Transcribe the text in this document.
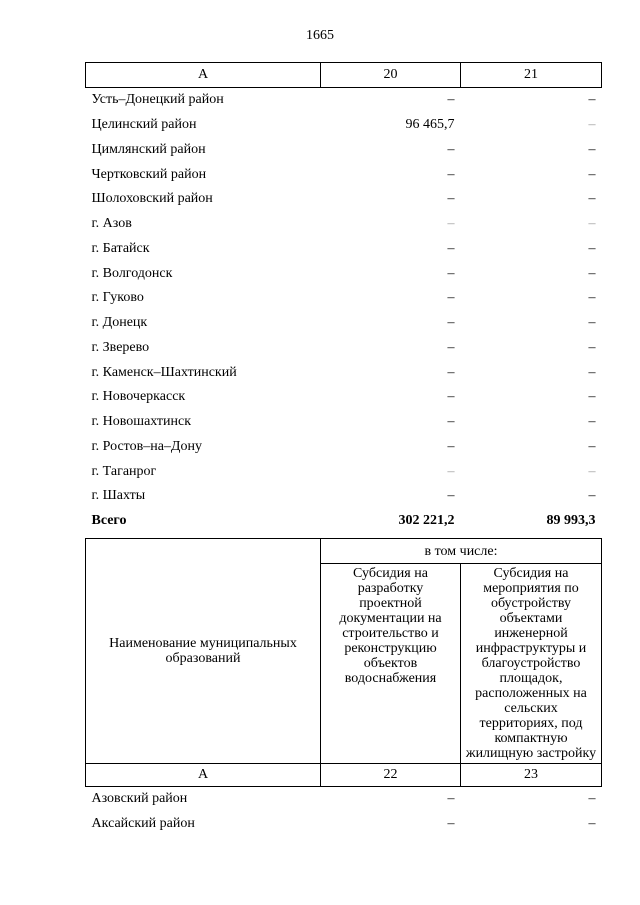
1665
А	20	21
Усть–Донецкий район	–	–
Целинский район	96 465,7	–
Цимлянский район	–	–
Чертковский район	–	–
Шолоховский район	–	–
г. Азов	–	–
г. Батайск	–	–
г. Волгодонск	–	–
г. Гуково	–	–
г. Донецк	–	–
г. Зверево	–	–
г. Каменск–Шахтинский	–	–
г. Новочеркасск	–	–
г. Новошахтинск	–	–
г. Ростов–на–Дону	–	–
г. Таганрог	–	–
г. Шахты	–	–
Всего	302 221,2	89 993,3
Наименование муниципальных образований	в том числе:	
	Субсидия на разработку проектной документации на строительство и реконструкцию объектов водоснабжения	Субсидия на мероприятия по обустройству объектами инженерной инфраструктуры и благоустройство площадок, расположенных на сельских территориях, под компактную жилищную застройку
А	22	23
Азовский район	–	–
Аксайский район	–	–
